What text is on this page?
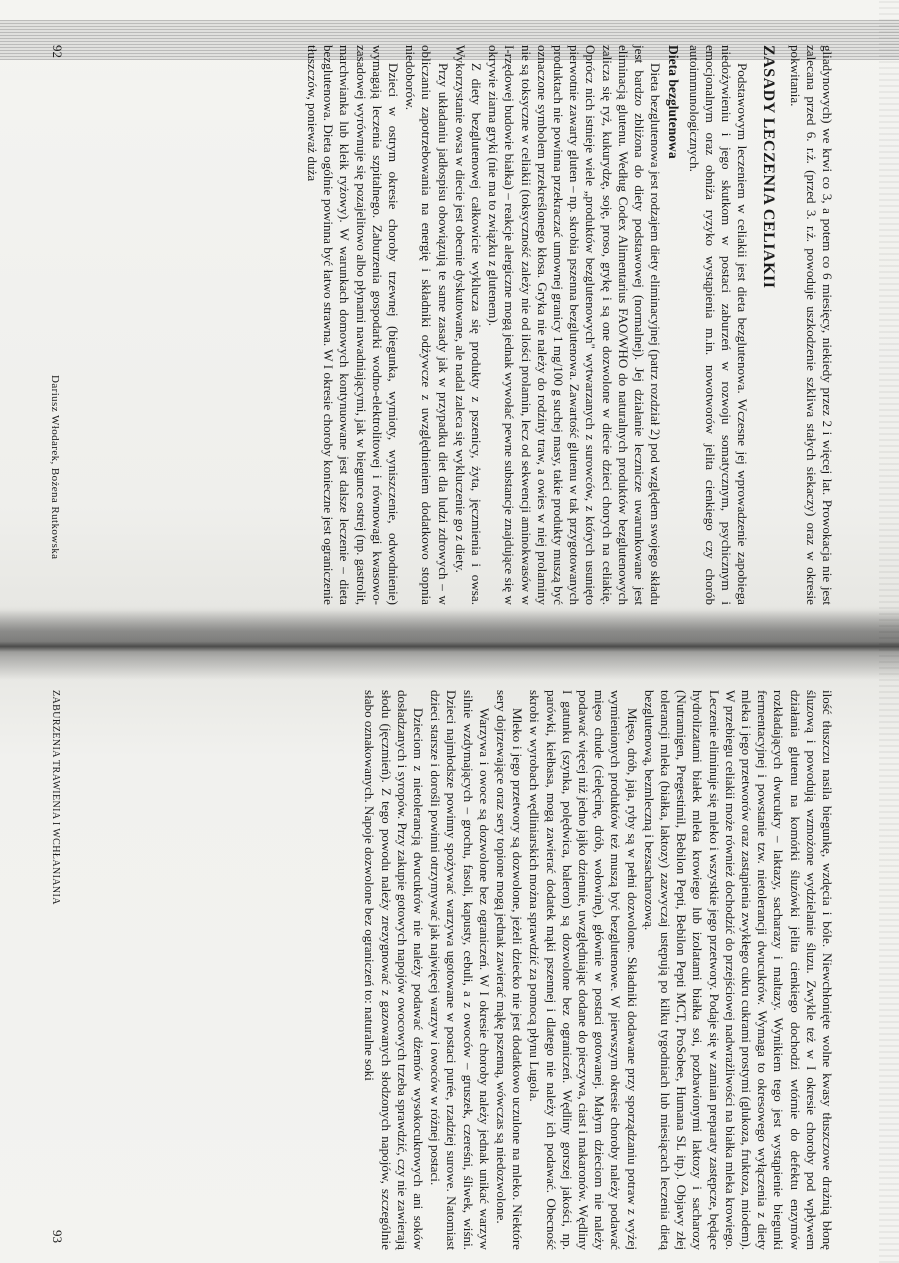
gliadynowych) we krwi co 3, a potem co 6 miesięcy, niekiedy przez 2 i więcej lat. Prowokacja nie jest zalecana przed 6. r.ż. (przed 3. r.ż. powoduje uszkodzenie szkliwa stałych siekaczy) oraz w okresie pokwitania.

ZASADY LECZENIA CELIAKII

Podstawowym leczeniem w celiakii jest dieta bezglutenowa. Wczesne jej wprowadzenie zapobiega niedożywieniu i jego skutkom w postaci zaburzeń w rozwoju somatycznym, psychicznym i emocjonalnym oraz obniża ryzyko wystąpienia m.in. nowotworów jelita cienkiego czy chorób autoimmunologicznych.

Dieta bezglutenowa

Dieta bezglutenowa jest rodzajem diety eliminacyjnej (patrz rozdział 2) pod względem swojego składu jest bardzo zbliżona do diety podstawowej (normalnej). Jej działanie lecznicze uwarunkowane jest eliminacją glutenu. Według Codex Alimentarius FAO/WHO do naturalnych produktów bezglutenowych zalicza się ryż, kukurydzę, soję, proso, grykę i są one dozwolone w diecie dzieci chorych na celiakię. Oprócz nich istnieje wiele „produktów bezglutenowych" wytwarzanych z surowców, z których usunięto pierwotnie zawarty gluten – np. skrobia pszenna bezglutenowa. Zawartość glutenu w tak przygotowanych produktach nie powinna przekraczać umownej granicy 1 mg/100 g suchej masy, takie produkty muszą być oznaczone symbolem przekreślonego kłosa. Gryka nie należy do rodziny traw, a owies w niej prolaminy nie są toksyczne w celiakii (toksyczność zależy nie od ilości prolamin, lecz od sekwencji aminokwasów w I-rzędowej budowie białka) – reakcje alergiczne mogą jednak wywołać pewne substancje znajdujące się w okrywie ziarna gryki (nie ma to związku z glutenem).

Z diety bezglutenowej całkowicie wyklucza się produkty z pszenicy, żyta, jęczmienia i owsa. Wykorzystanie owsa w diecie jest obecnie dyskutowane, ale nadal zaleca się wykluczenie go z diety.

Przy układaniu jadłospisu obowiązują te same zasady jak w przypadku diet dla ludzi zdrowych – w obliczaniu zapotrzebowania na energię i składniki odżywcze z uwzględnieniem dodatkowo stopnia niedoborów.

Dzieci w ostrym okresie choroby trzewnej (biegunka, wymioty, wyniszczenie, odwodnienie) wymagają leczenia szpitalnego. Zaburzenia gospodarki wodno-elektrolitowej i równowagi kwasowo-zasadowej wyrównuje się pozajelitowo albo płynami nawadniającymi, jak w biegunce ostrej (np. gastrolit, marchwianka lub kleik ryżowy). W warunkach domowych kontynuowane jest dalsze leczenie – dieta bezglutenowa. Dieta ogólnie powinna być łatwo strawna. W I okresie choroby konieczne jest ograniczenie tłuszczów, ponieważ duża

92
Dariusz Włodarek, Bożena Rutkowska

ilość tłuszczu nasila biegunkę, wzdęcia i bóle. Niewchłonięte wolne kwasy tłuszczowe drażnią błonę śluzową i powodują wzmożone wydzielanie śluzu. Zwykle też w I okresie choroby pod wpływem działania glutenu na komórki śluzówki jelita cienkiego dochodzi wtórnie do defektu enzymów rozkładających dwucukry – laktazy, sacharazy i maltazy. Wynikiem tego jest wystąpienie biegunki fermentacyjnej i powstanie tzw. nietolerancji dwucukrów. Wymaga to okresowego wyłączenia z diety mleka i jego przetworów oraz zastąpienia zwykłego cukru cukrami prostymi (glukoza, fruktoza, miodem). W przebiegu celiakii może również dochodzić do przejściowej nadwrażliwości na białka mleka krowiego. Leczenie eliminuje się mleko i wszystkie jego przetwory. Podaje się w zamian preparaty zastępcze, będące hydrolizatami białek mleka krowiego lub izolatami białka soi, pozbawionymi laktozy i sacharozy (Nutramigen, Pregestimil, Bebilon Pepti, Bebilon Pepti MCT, ProSobee, Humana SL itp.). Objawy złej tolerancji mleka (białka, laktozy) zazwyczaj ustępują po kilku tygodniach lub miesiącach leczenia dietą bezglutenową, bezmleczną i bezsacharozową.

Mięso, drób, jaja, ryby są w pełni dozwolone. Składniki dodawane przy sporządzaniu potraw z wyżej wymienionych produktów też muszą być bezglutenowe. W pierwszym okresie choroby należy podawać mięso chude (cielęcinę, drób, wołowinę), głównie w postaci gotowanej. Małym dzieciom nie należy podawać więcej niż jedno jajko dziennie, uwzględniając dodane do pieczywa, ciast i makaronów. Wędliny I gatunku (szynka, polędwica, baleron) są dozwolone bez ograniczeń. Wędliny gorszej jakości, np. parówki, kiełbasa, mogą zawierać dodatek mąki pszennej i dlatego nie należy ich podawać. Obecność skrobi w wyrobach wędliniarskich można sprawdzić za pomocą płynu Lugola.

Mleko i jego przetwory są dozwolone, jeżeli dziecko nie jest dodatkowo uczulone na mleko. Niektóre sery dojrzewające oraz sery topione mogą jednak zawierać mąkę pszenną, wówczas są niedozwolone.

Warzywa i owoce są dozwolone bez ograniczeń. W I okresie choroby należy jednak unikać warzyw silnie wzdymających – grochu, fasoli, kapusty, cebuli, a z owoców – gruszek, czereśni, śliwek, wiśni. Dzieci najmłodsze powinny spożywać warzywa ugotowane w postaci purée, rzadziej surowe. Natomiast dzieci starsze i dorośli powinni otrzymywać jak najwięcej warzyw i owoców w różnej postaci.

Dzieciom z nietolerancją dwucukrów nie należy podawać dżemów wysokocukrowych ani soków dosładzanych i syropów. Przy zakupie gotowych napojów owocowych trzeba sprawdzić, czy nie zawierają słodu (jęczmień). Z tego powodu należy zrezygnować z gazowanych słodzonych napojów, szczególnie słabo oznakowanych. Napoje dozwolone bez ograniczeń to: naturalne soki

ZABURZENIA TRAWIENIA I WCHŁANIANIA
93
